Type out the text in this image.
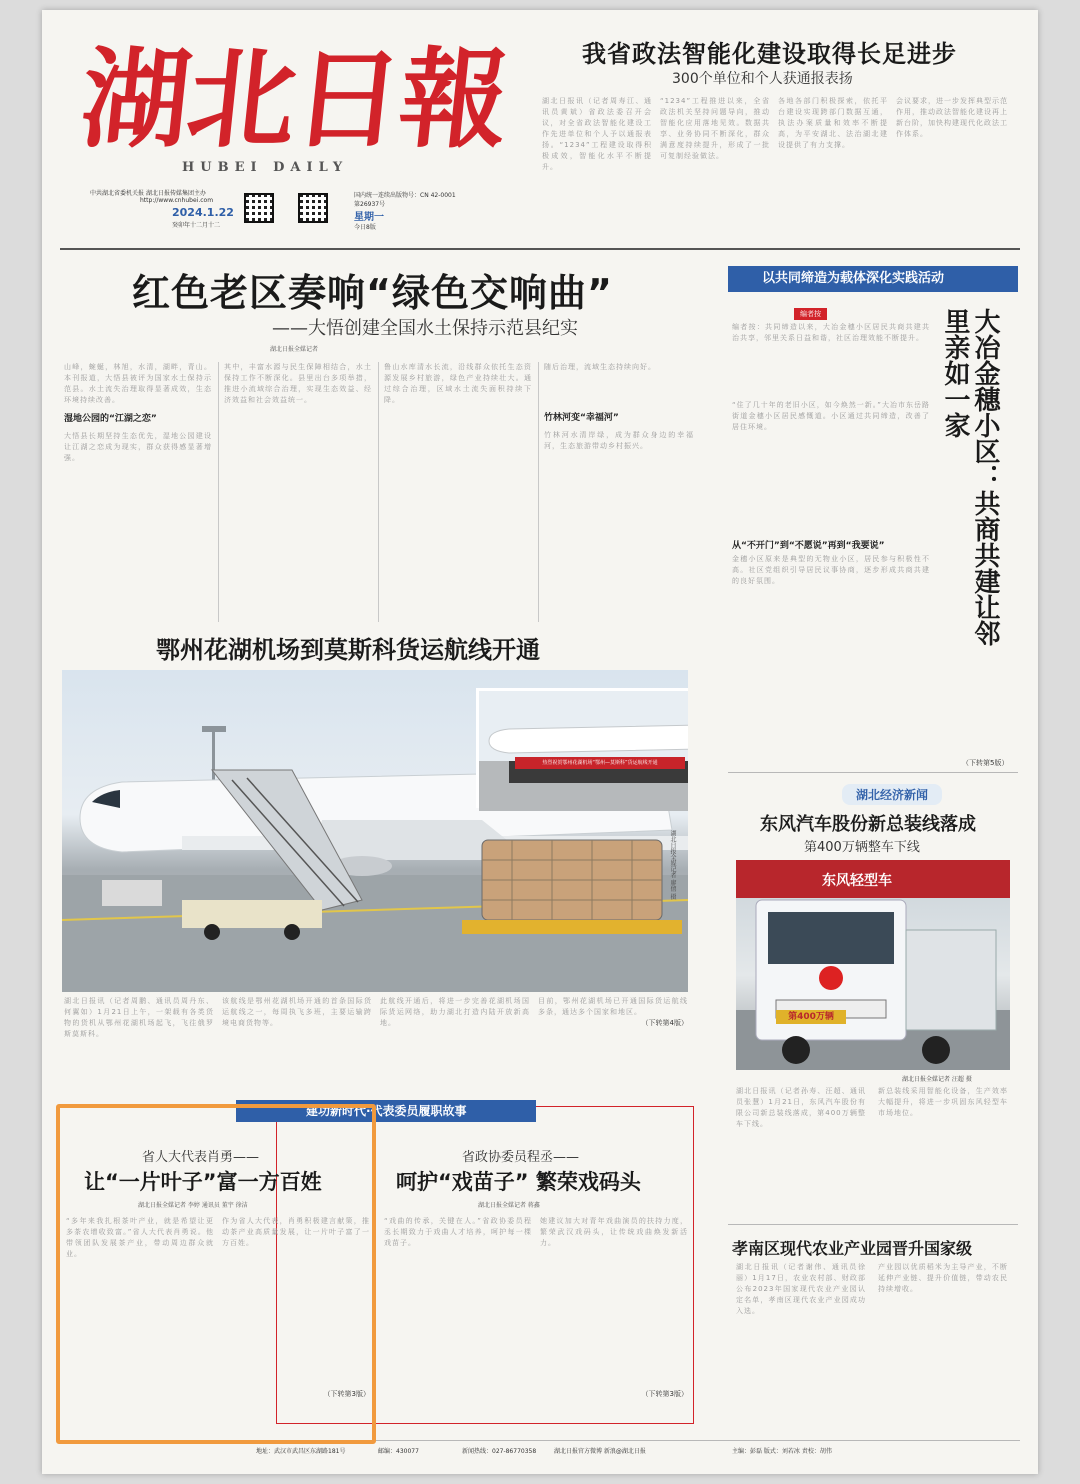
湖北日報
HUBEI DAILY
中共湖北省委机关报 湖北日报传媒集团主办
http://www.cnhubei.com
2024.1.22
癸卯年十二月十二
国内统一连续出版物号：CN 42-0001
第26937号
星期一
今日8版
我省政法智能化建设取得长足进步
300个单位和个人获通报表扬
湖北日报讯（记者周寿江、通讯员黄斌）省政法委召开会议，对全省政法智能化建设工作先进单位和个人予以通报表扬。“1234”工程建设取得积极成效，智能化水平不断提升。
“1234”工程推进以来，全省政法机关坚持问题导向，推动智能化应用落地见效。数据共享、业务协同不断深化，群众满意度持续提升，形成了一批可复制经验做法。
各地各部门积极探索，依托平台建设实现跨部门数据互通，执法办案质量和效率不断提高，为平安湖北、法治湖北建设提供了有力支撑。
会议要求，进一步发挥典型示范作用，推动政法智能化建设再上新台阶，加快构建现代化政法工作体系。
红色老区奏响“绿色交响曲”
——大悟创建全国水土保持示范县纪实
湖北日报全媒记者
山峰，蜿蜒，林旭，水清，湖畔，青山。本刊报道，大悟县被评为国家水土保持示范县。水土流失治理取得显著成效，生态环境持续改善。
湿地公园的“江湖之恋”
大悟县长期坚持生态优先，湿地公园建设让江湖之恋成为现实，群众获得感显著增强。
其中，丰富水源与民生保障相结合，水土保持工作不断深化。县里出台多项举措，推进小流域综合治理，实现生态效益、经济效益和社会效益统一。
鲁山水库清水长流，沿线群众依托生态资源发展乡村旅游，绿色产业持续壮大。通过综合治理，区域水土流失面积持续下降。
随后治理，流域生态持续向好。
竹林河变“幸福河”
竹林河水清岸绿，成为群众身边的幸福河，生态旅游带动乡村振兴。
以共同缔造为载体深化实践活动
编者按
编者按：共同缔造以来，大冶金穗小区居民共商共建共治共享，邻里关系日益和谐，社区治理效能不断提升。	大冶金穗小区：共商共建让邻里亲如一家
“住了几十年的老旧小区，如今焕然一新。”大冶市东岳路街道金穗小区居民感慨道。小区通过共同缔造，改善了居住环境。
从“不开门”到“不愿说”再到“我要说”
金穗小区原来是典型的无物业小区，居民参与积极性不高。社区党组织引导居民议事协商，逐步形成共商共建的良好氛围。
（下转第5版）
鄂州花湖机场到莫斯科货运航线开通
热烈祝贺鄂州花湖机场“鄂州—莫斯科”货运航线开通
湖北日报全媒记者 廖僖 摄
湖北日报讯（记者周鹏、通讯员周丹东、何翼如）1月21日上午，一架载有各类货物的货机从鄂州花湖机场起飞，飞往俄罗斯莫斯科。
该航线是鄂州花湖机场开通的首条国际货运航线之一，每周执飞多班，主要运输跨境电商货物等。
此航线开通后，将进一步完善花湖机场国际货运网络，助力湖北打造内陆开放新高地。
目前，鄂州花湖机场已开通国际货运航线多条，通达多个国家和地区。
（下转第4版）
湖北经济新闻
东风汽车股份新总装线落成
第400万辆整车下线
东风轻型车
第400万辆
湖北日报全媒记者 汪超 摄
湖北日报讯（记者孙寿、汪超、通讯员张慧）1月21日，东风汽车股份有限公司新总装线落成，第400万辆整车下线。
新总装线采用智能化设备，生产效率大幅提升，将进一步巩固东风轻型车市场地位。
孝南区现代农业产业园晋升国家级
湖北日报讯（记者谢伟、通讯员徐丽）1月17日，农业农村部、财政部公布2023年国家现代农业产业园认定名单，孝南区现代农业产业园成功入选。
产业园以优质稻米为主导产业，不断延伸产业链、提升价值链，带动农民持续增收。
建功新时代·代表委员履职故事
省人大代表肖勇——
让“一片叶子”富一方百姓
湖北日报全媒记者 李婷 通讯员 董宇 徐洁
“多年来我扎根茶叶产业，就是希望让更多茶农增收致富。”省人大代表肖勇说。他带领团队发展茶产业，带动周边群众就业。
作为省人大代表，肖勇积极建言献策，推动茶产业高质量发展，让一片叶子富了一方百姓。
（下转第3版）
省政协委员程丞——
呵护“戏苗子” 繁荣戏码头
湖北日报全媒记者 蒋鑫
“戏曲的传承，关键在人。”省政协委员程丞长期致力于戏曲人才培养，呵护每一棵戏苗子。
她建议加大对青年戏曲演员的扶持力度，繁荣武汉戏码头，让传统戏曲焕发新活力。
（下转第3版）
地址：武汉市武昌区东湖路181号	邮编：430077	新闻热线：027-86770358	湖北日报官方微博 新浪@湖北日报	主编：彭磊 版式：刘若冰 责校：胡伟
